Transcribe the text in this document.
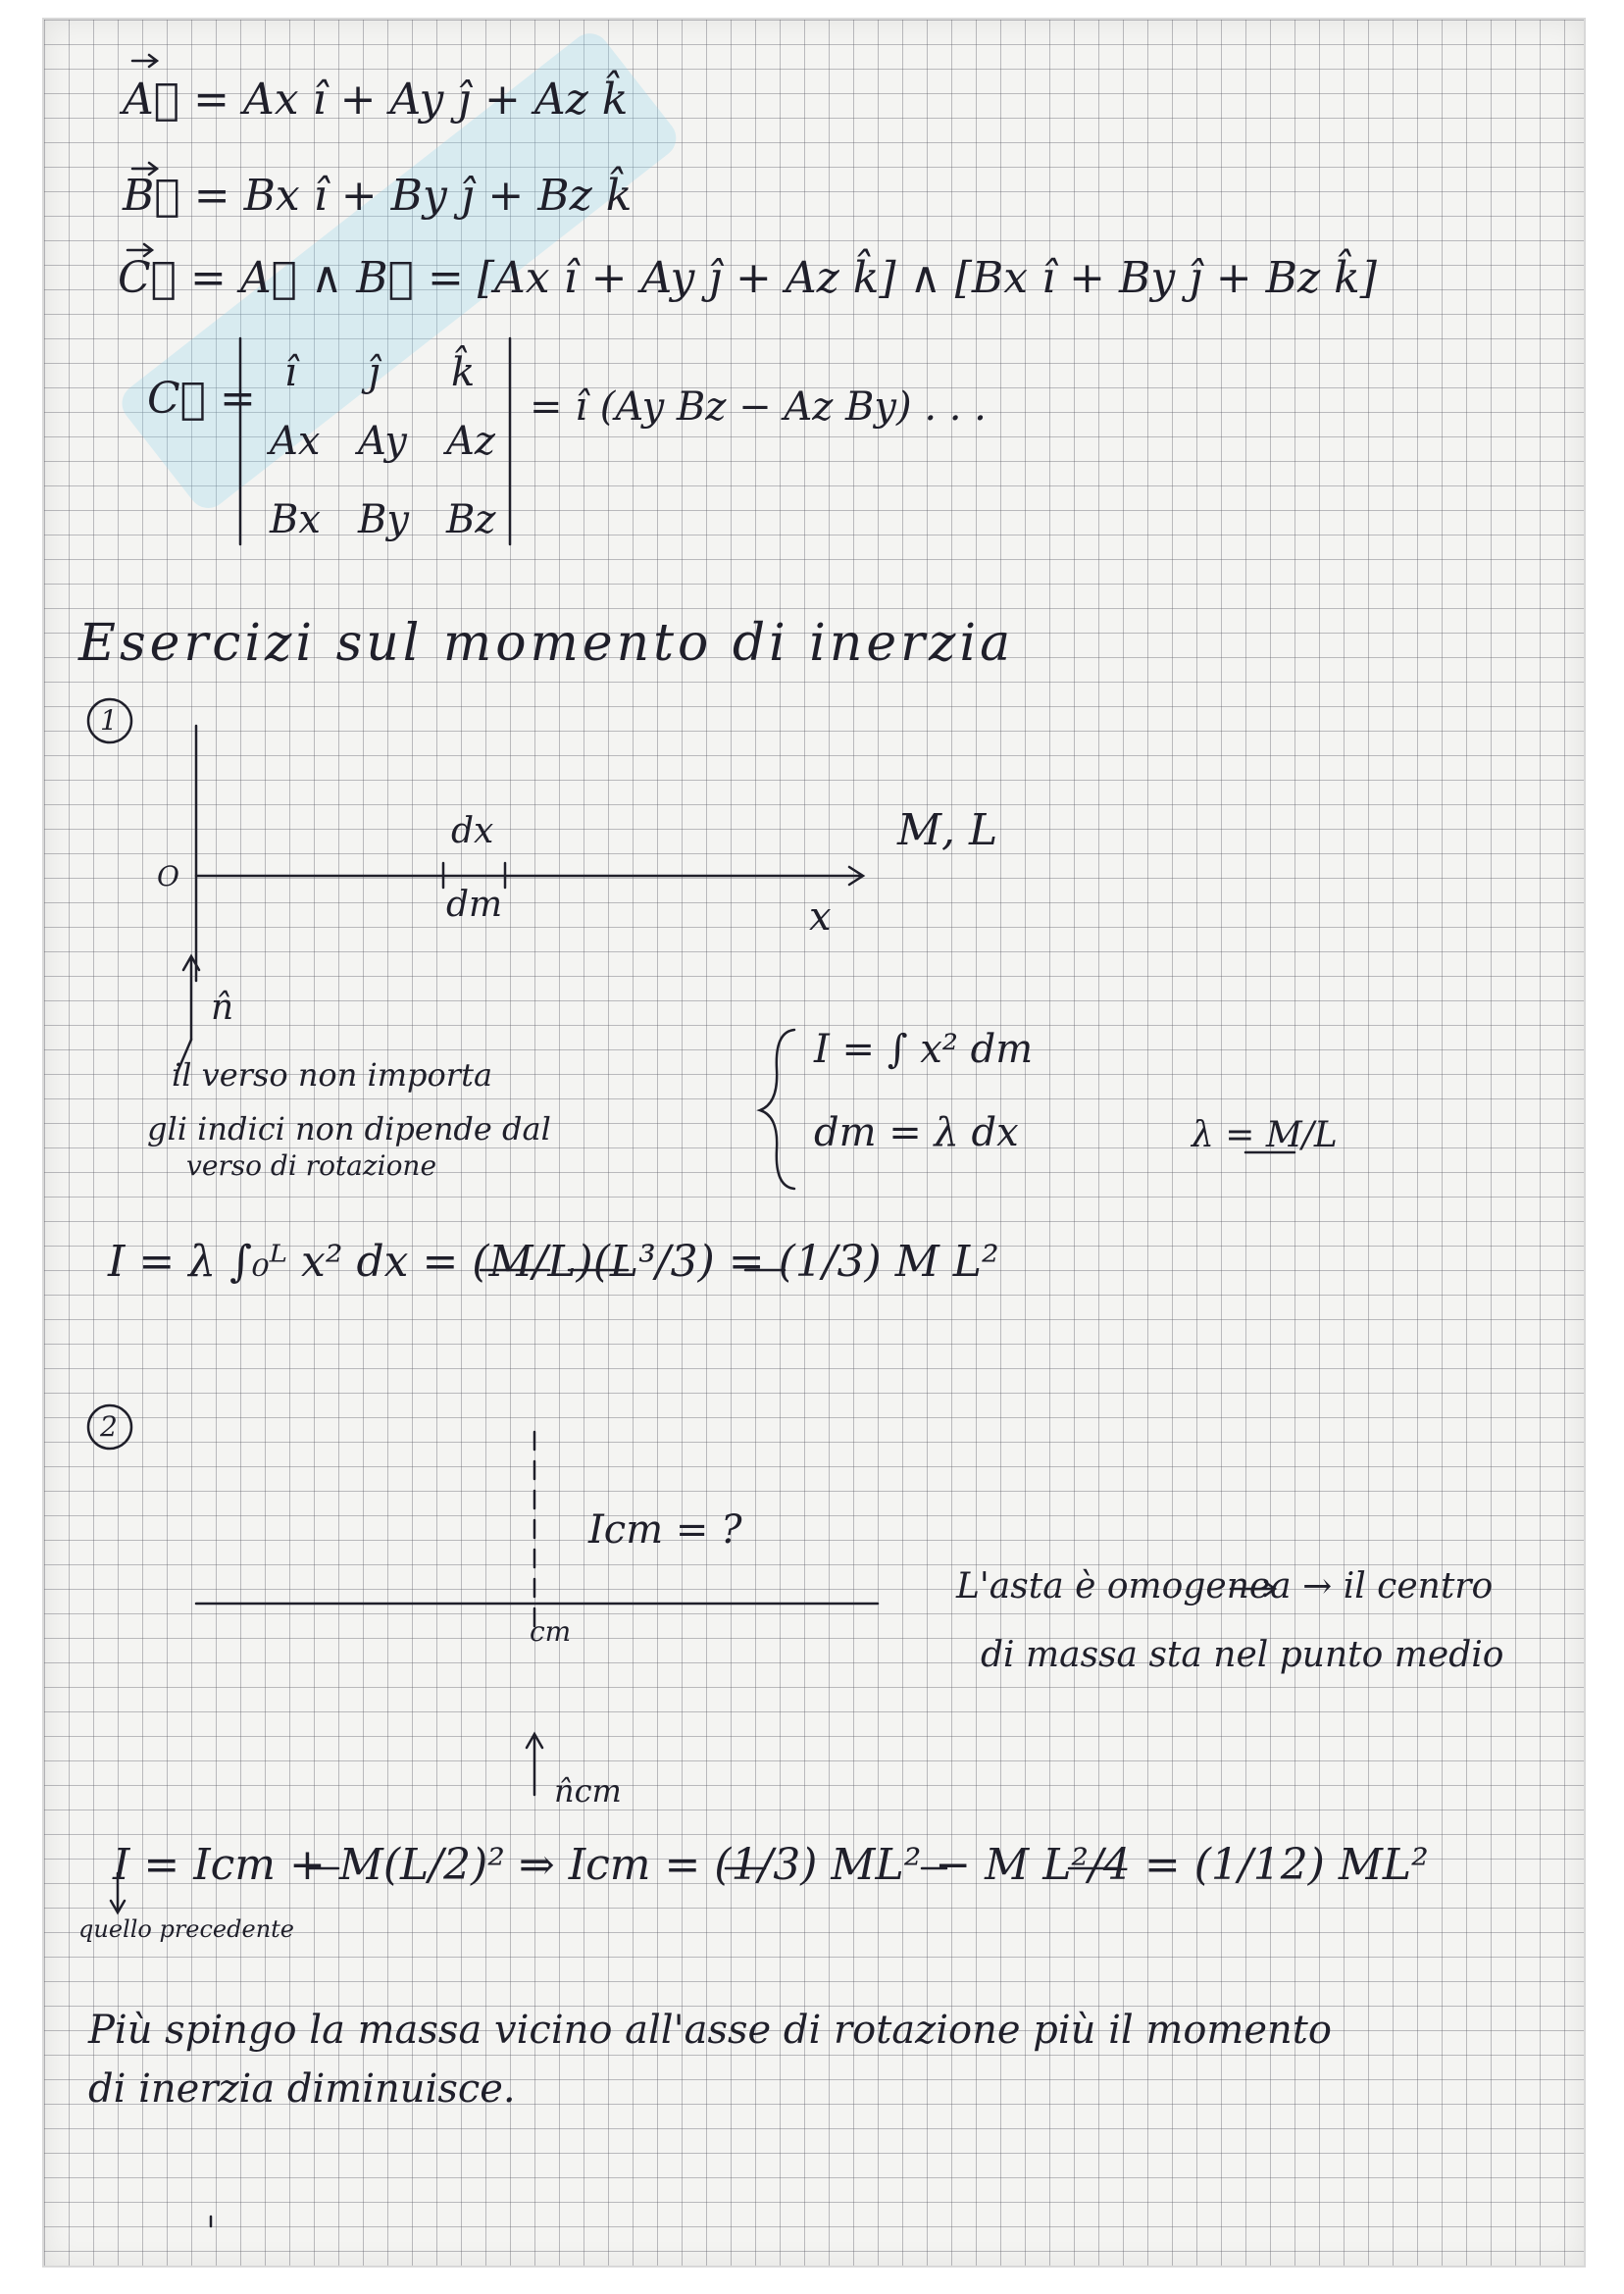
A⃗ = Ax î + Ay ĵ + Az k̂
B⃗ = Bx î + By ĵ + Bz k̂
C⃗ = A⃗ ∧ B⃗ = [Ax î + Ay ĵ + Az k̂] ∧ [Bx î + By ĵ + Bz k̂]
C⃗ =
î ĵ k̂
Ax Ay Az
Bx By Bz
= î (Ay Bz − Az By) . . .
Esercizi sul momento di inerzia
1
O
dx
dm	x
M, L
n̂
il verso non importa
gli indici non dipende dal
verso di rotazione
I = ∫ x² dm
dm = λ dx	λ = M/L
I = λ ∫₀ᴸ x² dx = (M/L)(L³/3) = (1/3) M L²
2
Icm = ?
cm
n̂cm
L'asta è omogenea → il centro
di massa sta nel punto medio
I = Icm + M(L/2)² ⇒ Icm = (1/3) ML² − M L²/4 = (1/12) ML²
quello precedente
Più spingo la massa vicino all'asse di rotazione più il momento
di inerzia diminuisce.
